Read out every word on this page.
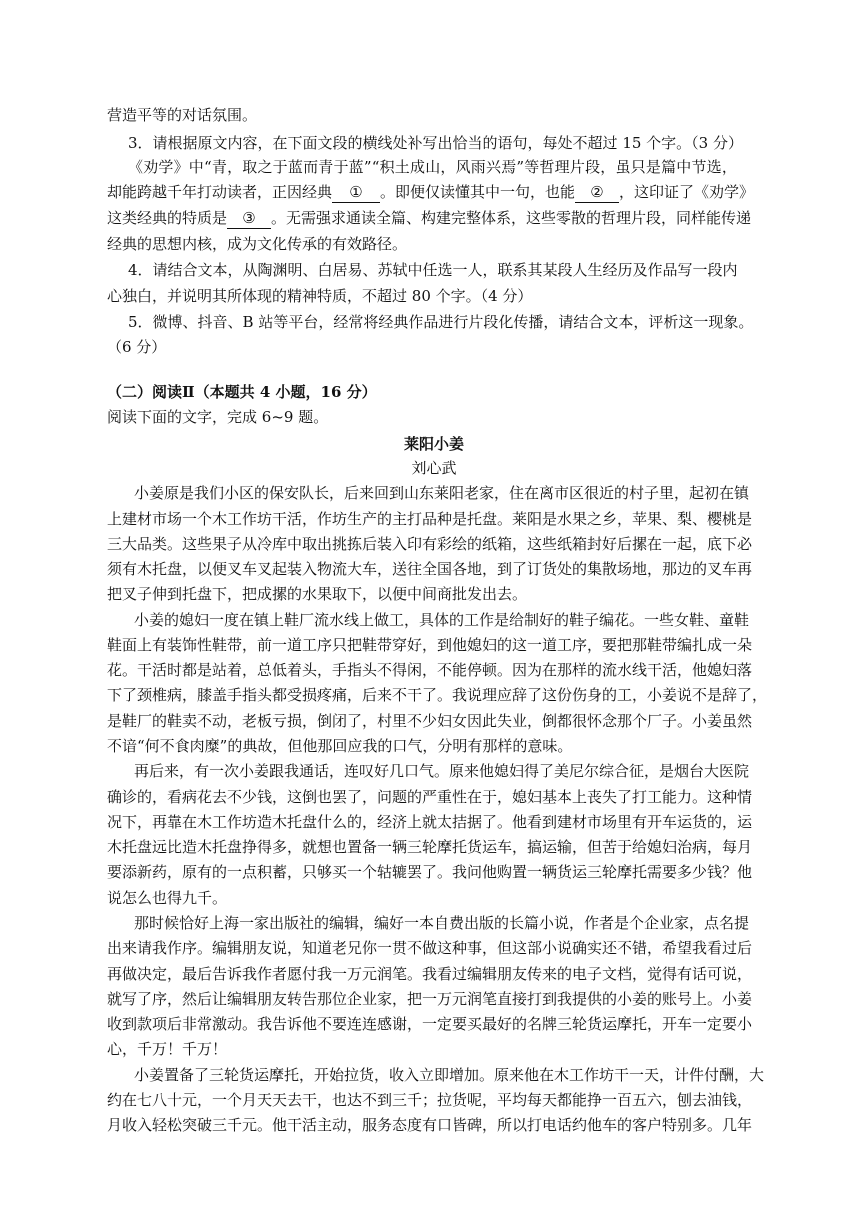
营造平等的对话氛围。
3．请根据原文内容，在下面文段的横线处补写出恰当的语句，每处不超过 15 个字。（3 分）
《劝学》中“青，取之于蓝而青于蓝”“积土成山，风雨兴焉”等哲理片段，虽只是篇中节选，
却能跨越千年打动读者，正因经典 ① 。即便仅读懂其中一句，也能 ② ，这印证了《劝学》
这类经典的特质是 ③ 。无需强求通读全篇、构建完整体系，这些零散的哲理片段，同样能传递
经典的思想内核，成为文化传承的有效路径。
4．请结合文本，从陶渊明、白居易、苏轼中任选一人，联系其某段人生经历及作品写一段内
心独白，并说明其所体现的精神特质，不超过 80 个字。（4 分）
5．微博、抖音、B 站等平台，经常将经典作品进行片段化传播，请结合文本，评析这一现象。
（6 分）
（二）阅读Ⅱ（本题共 4 小题，16 分）
阅读下面的文字，完成 6~9 题。
莱阳小姜
刘心武
小姜原是我们小区的保安队长，后来回到山东莱阳老家，住在离市区很近的村子里，起初在镇
上建材市场一个木工作坊干活，作坊生产的主打品种是托盘。莱阳是水果之乡，苹果、梨、樱桃是
三大品类。这些果子从冷库中取出挑拣后装入印有彩绘的纸箱，这些纸箱封好后摞在一起，底下必
须有木托盘，以便叉车叉起装入物流大车，送往全国各地，到了订货处的集散场地，那边的叉车再
把叉子伸到托盘下，把成摞的水果取下，以便中间商批发出去。
小姜的媳妇一度在镇上鞋厂流水线上做工，具体的工作是给制好的鞋子编花。一些女鞋、童鞋
鞋面上有装饰性鞋带，前一道工序只把鞋带穿好，到他媳妇的这一道工序，要把那鞋带编扎成一朵
花。干活时都是站着，总低着头，手指头不得闲，不能停顿。因为在那样的流水线干活，他媳妇落
下了颈椎病，膝盖手指头都受损疼痛，后来不干了。我说理应辞了这份伤身的工，小姜说不是辞了，
是鞋厂的鞋卖不动，老板亏损，倒闭了，村里不少妇女因此失业，倒都很怀念那个厂子。小姜虽然
不谙“何不食肉糜”的典故，但他那回应我的口气，分明有那样的意味。
再后来，有一次小姜跟我通话，连叹好几口气。原来他媳妇得了美尼尔综合征，是烟台大医院
确诊的，看病花去不少钱，这倒也罢了，问题的严重性在于，媳妇基本上丧失了打工能力。这种情
况下，再靠在木工作坊造木托盘什么的，经济上就太拮据了。他看到建材市场里有开车运货的，运
木托盘远比造木托盘挣得多，就想也置备一辆三轮摩托货运车，搞运输，但苦于给媳妇治病，每月
要添新药，原有的一点积蓄，只够买一个轱辘罢了。我问他购置一辆货运三轮摩托需要多少钱？他
说怎么也得九千。
那时候恰好上海一家出版社的编辑，编好一本自费出版的长篇小说，作者是个企业家，点名提
出来请我作序。编辑朋友说，知道老兄你一贯不做这种事，但这部小说确实还不错，希望我看过后
再做决定，最后告诉我作者愿付我一万元润笔。我看过编辑朋友传来的电子文档，觉得有话可说，
就写了序，然后让编辑朋友转告那位企业家，把一万元润笔直接打到我提供的小姜的账号上。小姜
收到款项后非常激动。我告诉他不要连连感谢，一定要买最好的名牌三轮货运摩托，开车一定要小
心，千万！千万！
小姜置备了三轮货运摩托，开始拉货，收入立即增加。原来他在木工作坊干一天，计件付酬，大
约在七八十元，一个月天天去干，也达不到三千；拉货呢，平均每天都能挣一百五六，刨去油钱，
月收入轻松突破三千元。他干活主动，服务态度有口皆碑，所以打电话约他车的客户特别多。几年
